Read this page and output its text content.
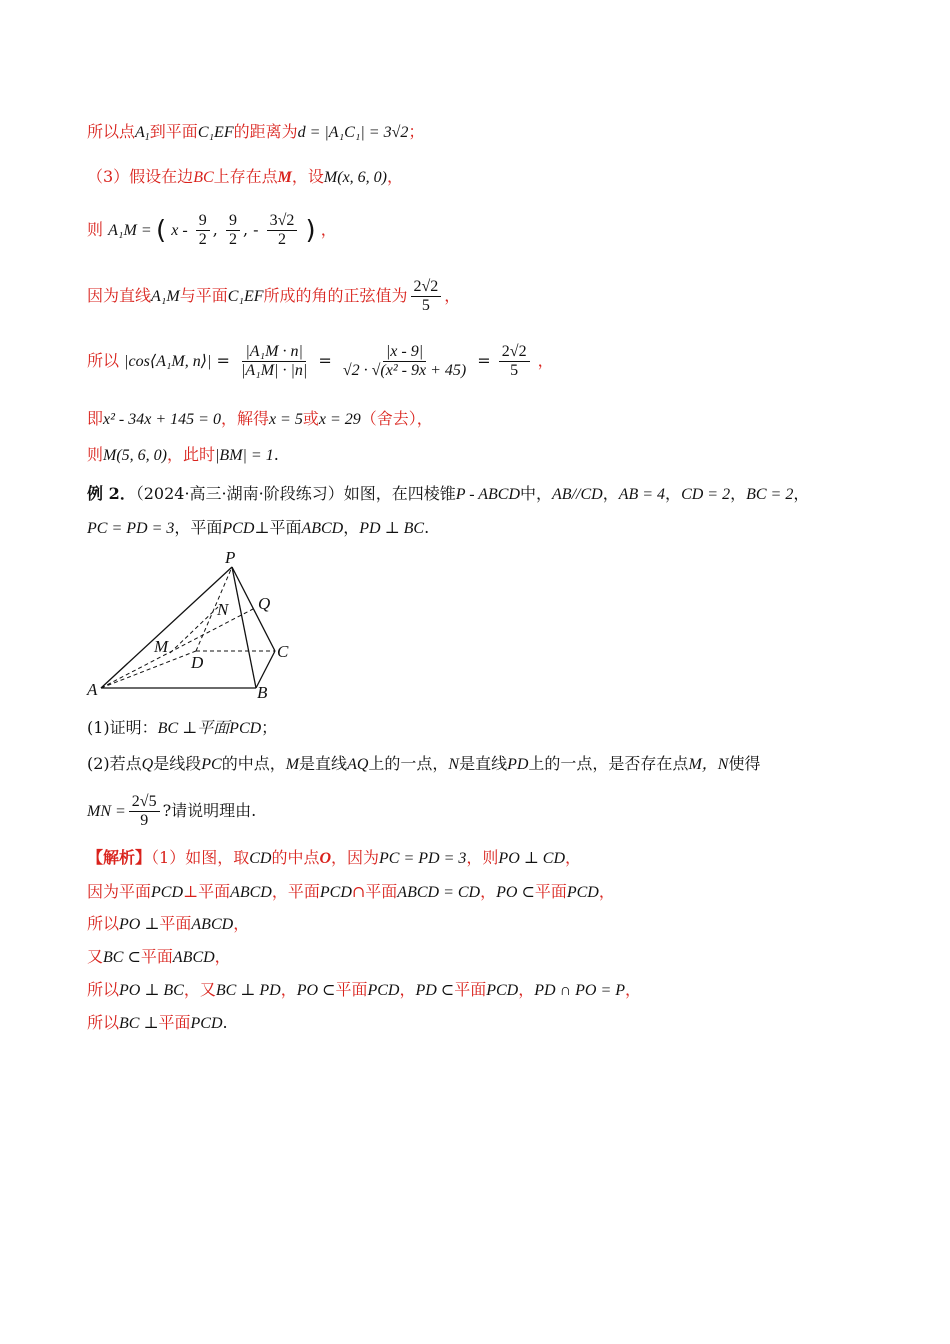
所以点$A_1$到平面C₁EF的距离为d = |A₁C₁| = 3√2；
（3）假设在边BC上存在点M，设M(x, 6, 0)，
则 A₁M = ( x - $\frac{9}{2}$ , $\frac{9}{2}$ , - $\frac{3√2}{2}$ ) ，
因为直线A₁M与平面C₁EF所成的角的正弦值为 $\frac{2√2}{5}$ ，
所以 |cos⟨A₁M, n⟩| = $\frac{\text{|A₁M · n|}}{\text{|A₁M| · |n|}} = \frac{|x - 9|}{\text{√2 · √(x² - 9x + 45)}} = \frac{2√2}{5}$ ，
即x² - 34x + 145 = 0，解得x = 5或x = 29（舍去），
则M(5, 6, 0)，此时|BM| = 1.
例 2．（2024·高三·湖南·阶段练习）如图，在四棱锥P - ABCD中，AB//CD，AB = 4，CD = 2，BC = 2，
PC = PD = 3，平面PCD⊥平面ABCD，PD ⊥ BC.
P
N Q
M
D
C
A	B
(1)证明：BC ⊥平面PCD；
(2)若点Q是线段PC的中点，M是直线AQ上的一点，N是直线PD上的一点，是否存在点M，N使得
MN = $\frac{2√5}{9}$ ?请说明理由.
【解析】（1）如图，取CD的中点O，因为PC = PD = 3，则PO ⊥ CD，
因为平面PCD⊥平面ABCD，平面PCD∩平面ABCD = CD，PO ⊂平面PCD，
所以PO ⊥平面ABCD，
又BC ⊂平面ABCD，
所以PO ⊥ BC，又BC ⊥ PD，PO ⊂平面PCD，PD ⊂平面PCD，PD ∩ PO = P，
所以BC ⊥平面PCD.
